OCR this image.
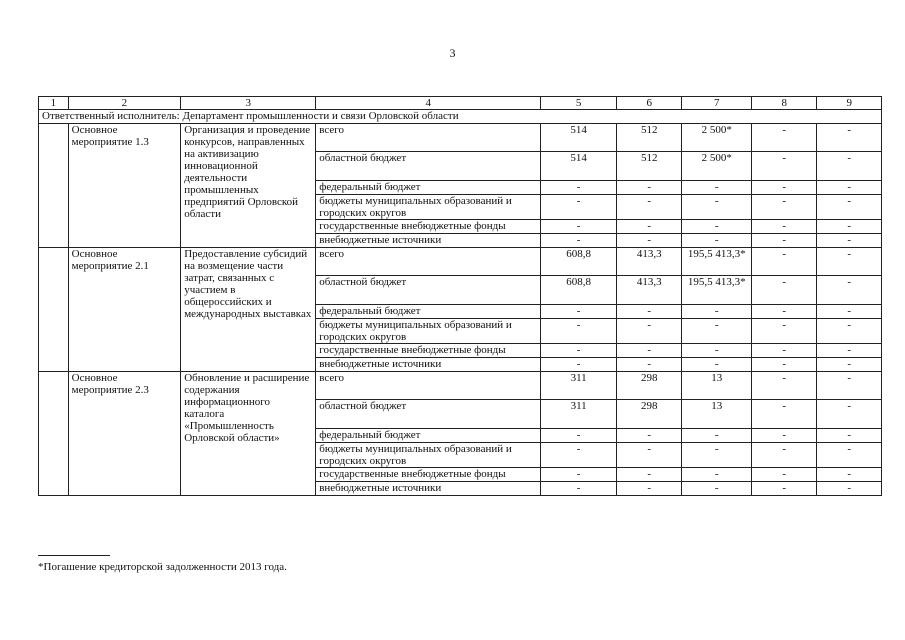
3
1	2	3	4	5	6	7	8	9
Ответственный исполнитель: Департамент промышленности и связи Орловской области								
	Основное мероприятие 1.3	Организация и проведение конкурсов, направленных на активизацию инновационной деятельности промышленных предприятий Орловской области	всего	514	512	2 500*	-	-
			областной бюджет	514	512	2 500*	-	-
			федеральный бюджет	-	-	-	-	-
			бюджеты муниципальных образований и городских округов	-	-	-	-	-
			государственные внебюджетные фонды	-	-	-	-	-
			внебюджетные источники	-	-	-	-	-
	Основное мероприятие 2.1	Предоставление субсидий на возмещение части затрат, связанных с участием в общероссийских и международных выставках	всего	608,8	413,3	195,5 413,3*	-	-
			областной бюджет	608,8	413,3	195,5 413,3*	-	-
			федеральный бюджет	-	-	-	-	-
			бюджеты муниципальных образований и городских округов	-	-	-	-	-
			государственные внебюджетные фонды	-	-	-	-	-
			внебюджетные источники	-	-	-	-	-
	Основное мероприятие 2.3	Обновление и расширение содержания информационного каталога «Промышленность Орловской области»	всего	311	298	13	-	-
			областной бюджет	311	298	13	-	-
			федеральный бюджет	-	-	-	-	-
			бюджеты муниципальных образований и городских округов	-	-	-	-	-
			государственные внебюджетные фонды	-	-	-	-	-
			внебюджетные источники	-	-	-	-	-
*Погашение кредиторской задолженности 2013 года.
